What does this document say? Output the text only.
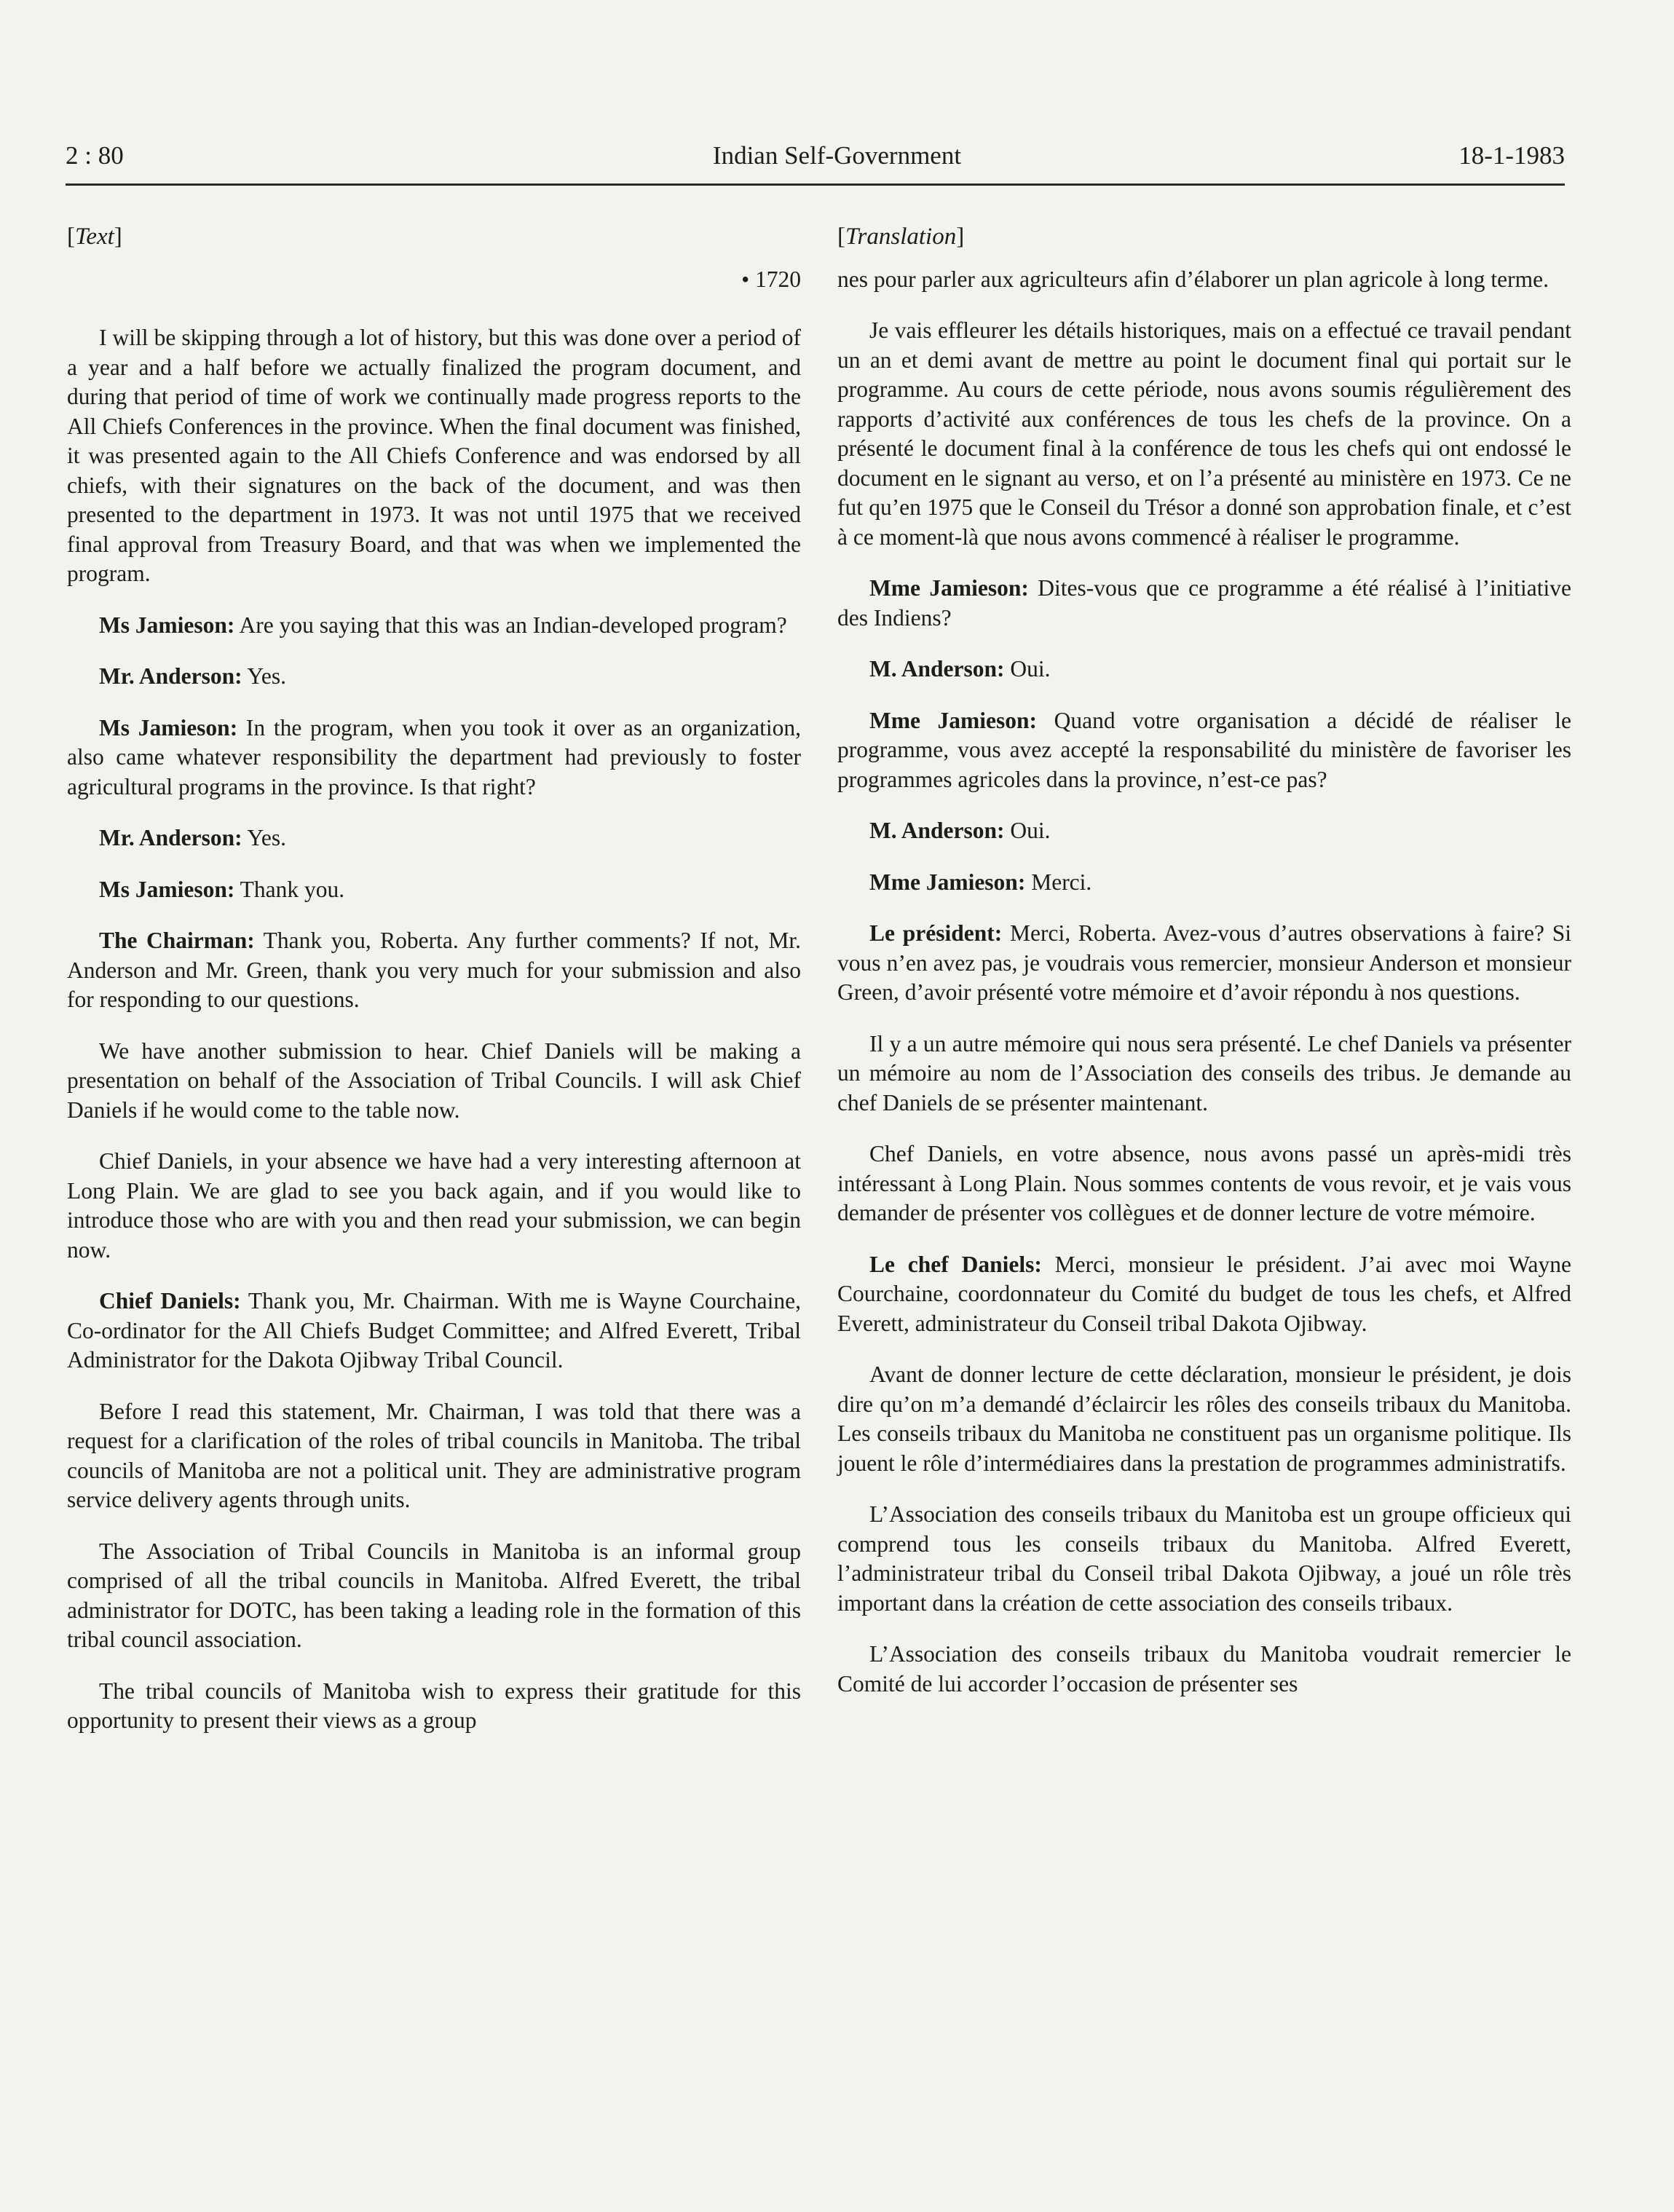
2 : 80	Indian Self-Government	18-1-1983

[Text]

• 1720

I will be skipping through a lot of history, but this was done over a period of a year and a half before we actually finalized the program document, and during that period of time of work we continually made progress reports to the All Chiefs Conferences in the province. When the final document was finished, it was presented again to the All Chiefs Conference and was endorsed by all chiefs, with their signatures on the back of the document, and was then presented to the department in 1973. It was not until 1975 that we received final approval from Treasury Board, and that was when we implemented the program.

Ms Jamieson: Are you saying that this was an Indian-developed program?

Mr. Anderson: Yes.

Ms Jamieson: In the program, when you took it over as an organization, also came whatever responsibility the department had previously to foster agricultural programs in the province. Is that right?

Mr. Anderson: Yes.

Ms Jamieson: Thank you.

The Chairman: Thank you, Roberta. Any further comments? If not, Mr. Anderson and Mr. Green, thank you very much for your submission and also for responding to our questions.

We have another submission to hear. Chief Daniels will be making a presentation on behalf of the Association of Tribal Councils. I will ask Chief Daniels if he would come to the table now.

Chief Daniels, in your absence we have had a very interesting afternoon at Long Plain. We are glad to see you back again, and if you would like to introduce those who are with you and then read your submission, we can begin now.

Chief Daniels: Thank you, Mr. Chairman. With me is Wayne Courchaine, Co-ordinator for the All Chiefs Budget Committee; and Alfred Everett, Tribal Administrator for the Dakota Ojibway Tribal Council.

Before I read this statement, Mr. Chairman, I was told that there was a request for a clarification of the roles of tribal councils in Manitoba. The tribal councils of Manitoba are not a political unit. They are administrative program service delivery agents through units.

The Association of Tribal Councils in Manitoba is an informal group comprised of all the tribal councils in Manitoba. Alfred Everett, the tribal administrator for DOTC, has been taking a leading role in the formation of this tribal council association.

The tribal councils of Manitoba wish to express their gratitude for this opportunity to present their views as a group

[Translation]

nes pour parler aux agriculteurs afin d’élaborer un plan agricole à long terme.

Je vais effleurer les détails historiques, mais on a effectué ce travail pendant un an et demi avant de mettre au point le document final qui portait sur le programme. Au cours de cette période, nous avons soumis régulièrement des rapports d’activité aux conférences de tous les chefs de la province. On a présenté le document final à la conférence de tous les chefs qui ont endossé le document en le signant au verso, et on l’a présenté au ministère en 1973. Ce ne fut qu’en 1975 que le Conseil du Trésor a donné son approbation finale, et c’est à ce moment-là que nous avons commencé à réaliser le programme.

Mme Jamieson: Dites-vous que ce programme a été réalisé à l’initiative des Indiens?

M. Anderson: Oui.

Mme Jamieson: Quand votre organisation a décidé de réaliser le programme, vous avez accepté la responsabilité du ministère de favoriser les programmes agricoles dans la province, n’est-ce pas?

M. Anderson: Oui.

Mme Jamieson: Merci.

Le président: Merci, Roberta. Avez-vous d’autres observations à faire? Si vous n’en avez pas, je voudrais vous remercier, monsieur Anderson et monsieur Green, d’avoir présenté votre mémoire et d’avoir répondu à nos questions.

Il y a un autre mémoire qui nous sera présenté. Le chef Daniels va présenter un mémoire au nom de l’Association des conseils des tribus. Je demande au chef Daniels de se présenter maintenant.

Chef Daniels, en votre absence, nous avons passé un après-midi très intéressant à Long Plain. Nous sommes contents de vous revoir, et je vais vous demander de présenter vos collègues et de donner lecture de votre mémoire.

Le chef Daniels: Merci, monsieur le président. J’ai avec moi Wayne Courchaine, coordonnateur du Comité du budget de tous les chefs, et Alfred Everett, administrateur du Conseil tribal Dakota Ojibway.

Avant de donner lecture de cette déclaration, monsieur le président, je dois dire qu’on m’a demandé d’éclaircir les rôles des conseils tribaux du Manitoba. Les conseils tribaux du Manitoba ne constituent pas un organisme politique. Ils jouent le rôle d’intermédiaires dans la prestation de programmes administratifs.

L’Association des conseils tribaux du Manitoba est un groupe officieux qui comprend tous les conseils tribaux du Manitoba. Alfred Everett, l’administrateur tribal du Conseil tribal Dakota Ojibway, a joué un rôle très important dans la création de cette association des conseils tribaux.

L’Association des conseils tribaux du Manitoba voudrait remercier le Comité de lui accorder l’occasion de présenter ses
